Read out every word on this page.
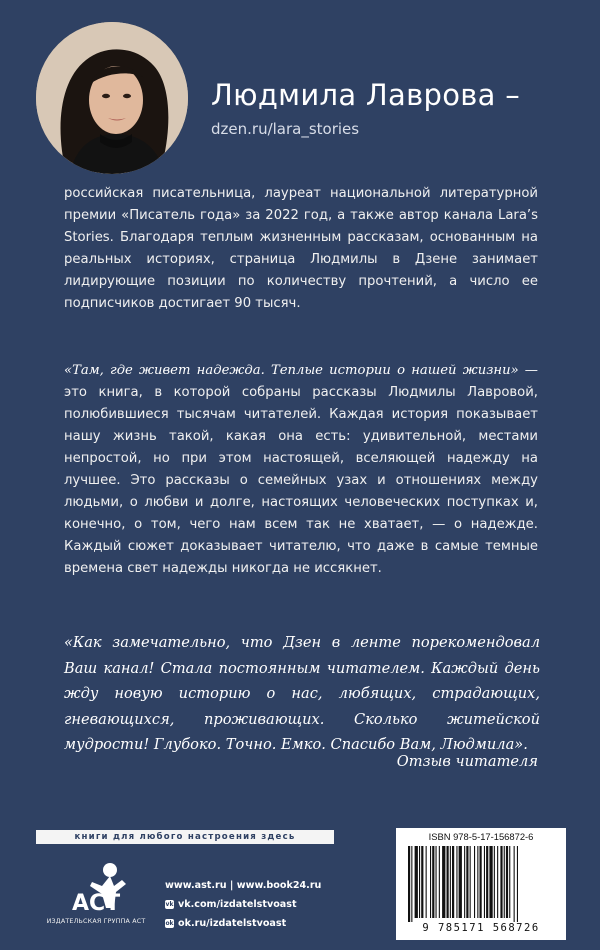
Людмила Лаврова –
dzen.ru/lara_stories
российская писательница, лауреат национальной литературной премии «Писатель года» за 2022 год, а также автор канала Lara’s Stories. Благодаря теплым жизненным рассказам, основанным на реальных историях, страница Людмилы в Дзене занимает лидирующие позиции по количеству прочтений, а число ее подписчиков достигает 90 тысяч.
«Там, где живет надежда. Теплые истории о нашей жизни» — это книга, в которой собраны рассказы Людмилы Лавровой, полюбившиеся тысячам читателей. Каждая история показывает нашу жизнь такой, какая она есть: удивительной, местами непростой, но при этом настоящей, вселяющей надежду на лучшее. Это рассказы о семейных узах и отношениях между людьми, о любви и долге, настоящих человеческих поступках и, конечно, о том, чего нам всем так не хватает, — о надежде. Каждый сюжет доказывает читателю, что даже в самые темные времена свет надежды никогда не иссякнет.
«Как замечательно, что Дзен в ленте порекомендовал Ваш канал! Стала постоянным читателем. Каждый день жду новую историю о нас, любящих, страдающих, гневающихся, проживающих. Сколько житейской мудрости! Глубоко. Точно. Емко. Спасибо Вам, Людмила».
Отзыв читателя
книги для любого настроения здесь
ACT
ИЗДАТЕЛЬСКАЯ ГРУППА АСТ
www.ast.ru | www.book24.ru
vk vk.com/izdatelstvoast
ok ok.ru/izdatelstvoast
ISBN 978-5-17-156872-6
9 785171 568726
